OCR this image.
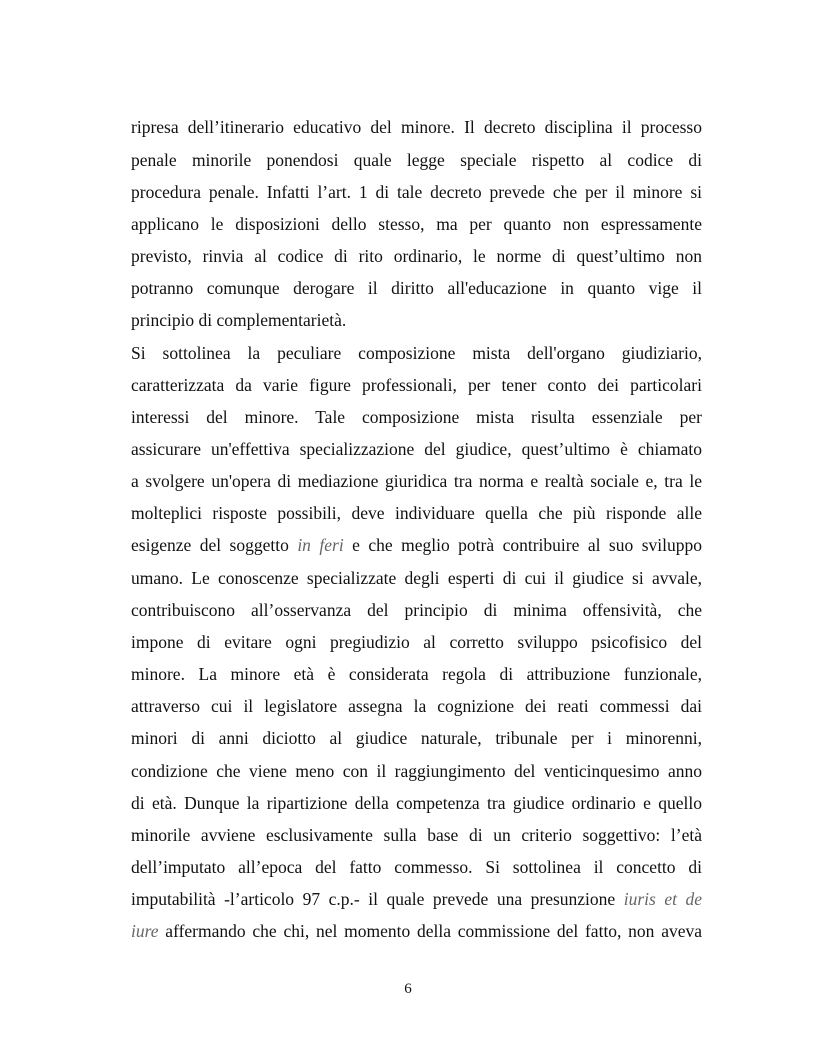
ripresa dell’itinerario educativo del minore. Il decreto disciplina il processo
penale minorile ponendosi quale legge speciale rispetto al codice di
procedura penale. Infatti l’art. 1 di tale decreto prevede che per il minore si
applicano le disposizioni dello stesso, ma per quanto non espressamente
previsto, rinvia al codice di rito ordinario, le norme di quest’ultimo non
potranno comunque derogare il diritto all'educazione in quanto vige il
principio di complementarietà.
Si sottolinea la peculiare composizione mista dell'organo giudiziario,
caratterizzata da varie figure professionali, per tener conto dei particolari
interessi del minore. Tale composizione mista risulta essenziale per
assicurare un'effettiva specializzazione del giudice, quest’ultimo è chiamato
a svolgere un'opera di mediazione giuridica tra norma e realtà sociale e, tra le
molteplici risposte possibili, deve individuare quella che più risponde alle
esigenze del soggetto in feri e che meglio potrà contribuire al suo sviluppo
umano. Le conoscenze specializzate degli esperti di cui il giudice si avvale,
contribuiscono all’osservanza del principio di minima offensività, che
impone di evitare ogni pregiudizio al corretto sviluppo psicofisico del
minore. La minore età è considerata regola di attribuzione funzionale,
attraverso cui il legislatore assegna la cognizione dei reati commessi dai
minori di anni diciotto al giudice naturale, tribunale per i minorenni,
condizione che viene meno con il raggiungimento del venticinquesimo anno
di età. Dunque la ripartizione della competenza tra giudice ordinario e quello
minorile avviene esclusivamente sulla base di un criterio soggettivo: l’età
dell’imputato all’epoca del fatto commesso. Si sottolinea il concetto di
imputabilità -l’articolo 97 c.p.- il quale prevede una presunzione iuris et de
iure affermando che chi, nel momento della commissione del fatto, non aveva
6
